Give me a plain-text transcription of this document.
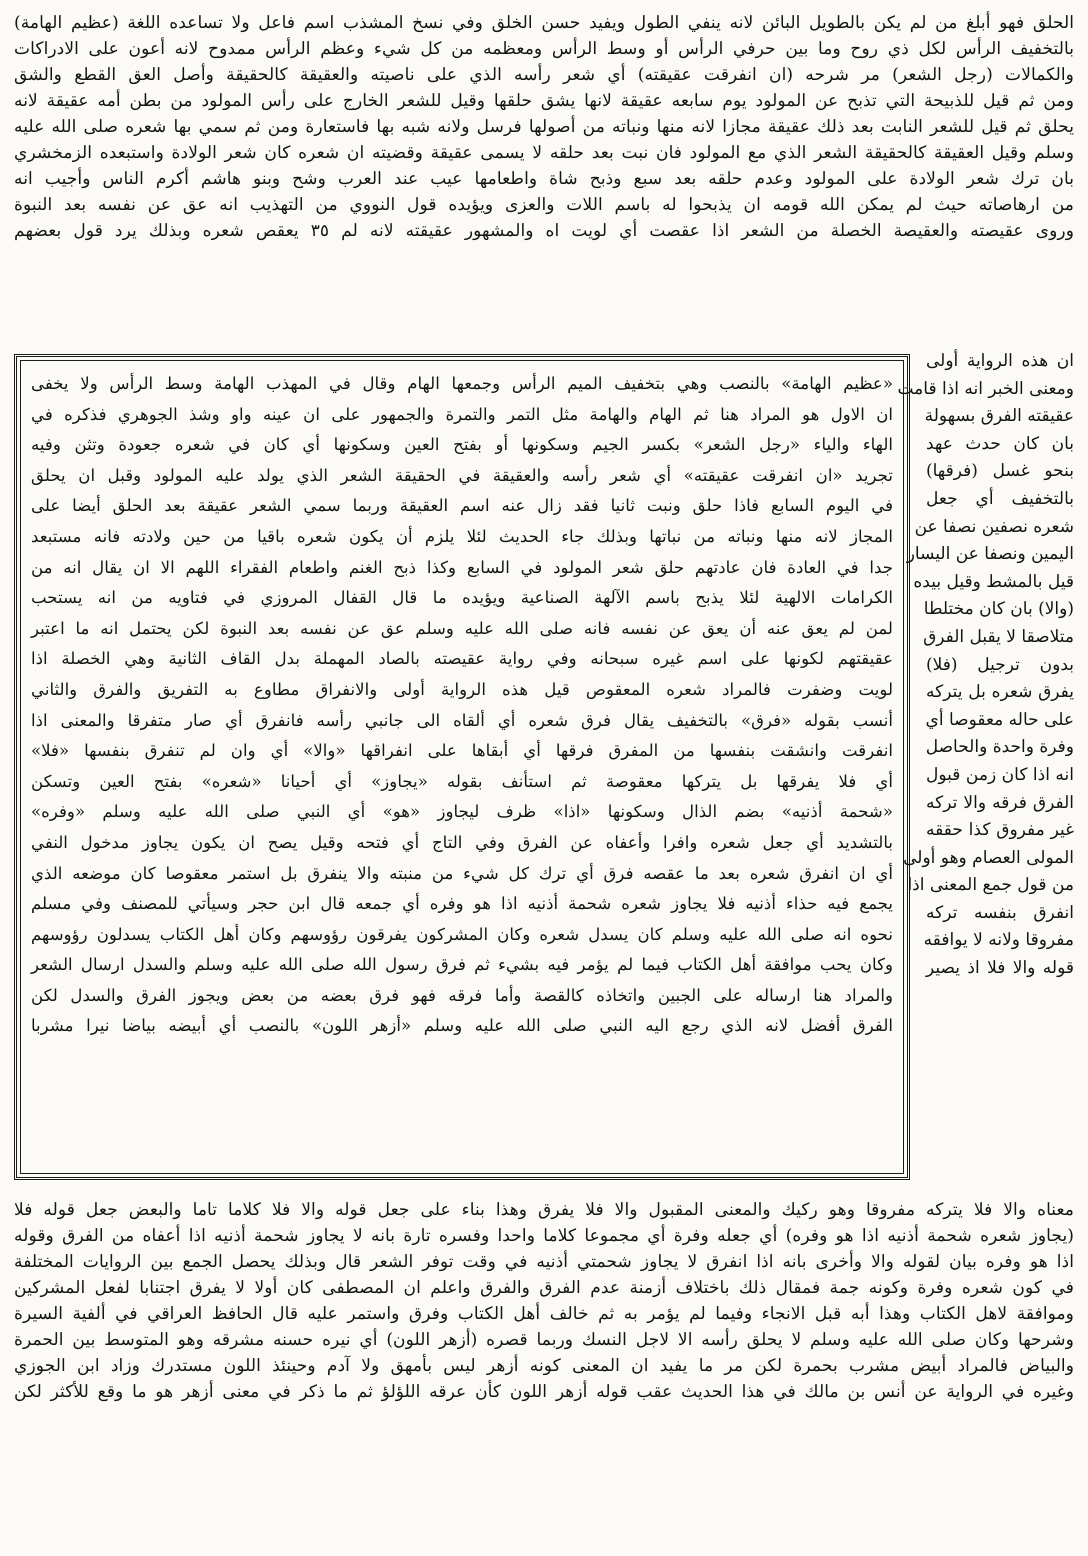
الحلق فهو أبلغ من لم يكن بالطويل البائن لانه ينفي الطول ويفيد حسن الخلق وفي نسخ المشذب اسم فاعل ولا تساعده اللغة (عظيم الهامة)
بالتخفيف الرأس لكل ذي روح وما بين حرفي الرأس أو وسط الرأس ومعظمه من كل شيء وعظم الرأس ممدوح لانه أعون على الادراكات
والكمالات (رجل الشعر) مر شرحه (ان انفرقت عقيقته) أي شعر رأسه الذي على ناصيته والعقيقة كالحقيقة وأصل العق القطع والشق
ومن ثم قيل للذبيحة التي تذبح عن المولود يوم سابعه عقيقة لانها يشق حلقها وقيل للشعر الخارج على رأس المولود من بطن أمه عقيقة لانه
يحلق ثم قيل للشعر النابت بعد ذلك عقيقة مجازا لانه منها ونباته من أصولها فرسل ولانه شبه بها فاستعارة ومن ثم سمي بها شعره صلى الله عليه
وسلم وقيل العقيقة كالحقيقة الشعر الذي مع المولود فان نبت بعد حلقه لا يسمى عقيقة وقضيته ان شعره كان شعر الولادة واستبعده الزمخشري
بان ترك شعر الولادة على المولود وعدم حلقه بعد سبع وذبح شاة واطعامها عيب عند العرب وشح وبنو هاشم أكرم الناس وأجيب انه
من ارهاصاته حيث لم يمكن الله قومه ان يذبحوا له باسم اللات والعزى ويؤيده قول النووي من التهذيب انه عق عن نفسه بعد النبوة
وروى عقيصته والعقيصة الخصلة من الشعر اذا عقصت أي لويت اه والمشهور عقيقته لانه لم ٣٥ يعقص شعره وبذلك يرد قول بعضهم
ان هذه الرواية أولى
ومعنى الخبر انه اذا قامت
عقيقته الفرق بسهولة
بان كان حدث عهد
بنحو غسل (فرقها)
بالتخفيف أي جعل
شعره نصفين نصفا عن
اليمين ونصفا عن اليسار
قيل بالمشط وقيل بيده
(والا) بان كان مختلطا
متلاصقا لا يقبل الفرق
بدون ترجيل (فلا)
يفرق شعره بل يتركه
على حاله معقوصا أي
وفرة واحدة والحاصل
انه اذا كان زمن قبول
الفرق فرقه والا تركه
غير مفروق كذا حققه
المولى العصام وهو أولى
من قول جمع المعنى اذا
انفرق بنفسه تركه
مفروقا ولانه لا يوافقه
قوله والا فلا اذ يصير
«عظيم الهامة» بالنصب وهي بتخفيف الميم الرأس وجمعها الهام وقال في المهذب الهامة وسط الرأس ولا يخفى
ان الاول هو المراد هنا ثم الهام والهامة مثل التمر والتمرة والجمهور على ان عينه واو وشذ الجوهري فذكره في
الهاء والياء «رجل الشعر» بكسر الجيم وسكونها أو بفتح العين وسكونها أي كان في شعره جعودة وتثن وفيه
تجريد «ان انفرقت عقيقته» أي شعر رأسه والعقيقة في الحقيقة الشعر الذي يولد عليه المولود وقبل ان يحلق
في اليوم السابع فاذا حلق ونبت ثانيا فقد زال عنه اسم العقيقة وربما سمي الشعر عقيقة بعد الحلق أيضا على
المجاز لانه منها ونباته من نباتها وبذلك جاء الحديث لئلا يلزم أن يكون شعره باقيا من حين ولادته فانه مستبعد
جدا في العادة فان عادتهم حلق شعر المولود في السابع وكذا ذبح الغنم واطعام الفقراء اللهم الا ان يقال انه من
الكرامات الالهية لئلا يذبح باسم الآلهة الصناعية ويؤيده ما قال القفال المروزي في فتاويه من انه يستحب
لمن لم يعق عنه أن يعق عن نفسه فانه صلى الله عليه وسلم عق عن نفسه بعد النبوة لكن يحتمل انه ما اعتبر
عقيقتهم لكونها على اسم غيره سبحانه وفي رواية عقيصته بالصاد المهملة بدل القاف الثانية وهي الخصلة اذا
لويت وضفرت فالمراد شعره المعقوص قيل هذه الرواية أولى والانفراق مطاوع به التفريق والفرق والثاني
أنسب بقوله «فرق» بالتخفيف يقال فرق شعره أي ألقاه الى جانبي رأسه فانفرق أي صار متفرقا والمعنى اذا
انفرقت وانشقت بنفسها من المفرق فرقها أي أبقاها على انفراقها «والا» أي وان لم تنفرق بنفسها «فلا»
أي فلا يفرقها بل يتركها معقوصة ثم استأنف بقوله «يجاوز» أي أحيانا «شعره» بفتح العين وتسكن
«شحمة أذنيه» بضم الذال وسكونها «اذا» ظرف ليجاوز «هو» أي النبي صلى الله عليه وسلم «وفره»
بالتشديد أي جعل شعره وافرا وأعفاه عن الفرق وفي التاج أي فتحه وقيل يصح ان يكون يجاوز مدخول النفي
أي ان انفرق شعره بعد ما عقصه فرق أي ترك كل شيء من منبته والا ينفرق بل استمر معقوصا كان موضعه الذي
يجمع فيه حذاء أذنيه فلا يجاوز شعره شحمة أذنيه اذا هو وفره أي جمعه قال ابن حجر وسيأتي للمصنف وفي مسلم
نحوه انه صلى الله عليه وسلم كان يسدل شعره وكان المشركون يفرقون رؤوسهم وكان أهل الكتاب يسدلون رؤوسهم
وكان يحب موافقة أهل الكتاب فيما لم يؤمر فيه بشيء ثم فرق رسول الله صلى الله عليه وسلم والسدل ارسال الشعر
والمراد هنا ارساله على الجبين واتخاذه كالقصة وأما فرقه فهو فرق بعضه من بعض ويجوز الفرق والسدل لكن
الفرق أفضل لانه الذي رجع اليه النبي صلى الله عليه وسلم «أزهر اللون» بالنصب أي أبيضه بياضا نيرا مشربا
معناه والا فلا يتركه مفروقا وهو ركيك والمعنى المقبول والا فلا يفرق وهذا بناء على جعل قوله والا فلا كلاما تاما والبعض جعل قوله فلا
(يجاوز شعره شحمة أذنيه اذا هو وفره) أي جعله وفرة أي مجموعا كلاما واحدا وفسره تارة بانه لا يجاوز شحمة أذنيه اذا أعفاه من الفرق وقوله
اذا هو وفره بيان لقوله والا وأخرى بانه اذا انفرق لا يجاوز شحمتي أذنيه في وقت توفر الشعر قال وبذلك يحصل الجمع بين الروايات المختلفة
في كون شعره وفرة وكونه جمة فمقال ذلك باختلاف أزمنة عدم الفرق والفرق واعلم ان المصطفى كان أولا لا يفرق اجتنابا لفعل المشركين
وموافقة لاهل الكتاب وهذا أبه قبل الانجاء وفيما لم يؤمر به ثم خالف أهل الكتاب وفرق واستمر عليه قال الحافظ العراقي في ألفية السيرة
وشرحها وكان صلى الله عليه وسلم لا يحلق رأسه الا لاجل النسك وربما قصره (أزهر اللون) أي نيره حسنه مشرقه وهو المتوسط بين الحمرة
والبياض فالمراد أبيض مشرب بحمرة لكن مر ما يفيد ان المعنى كونه أزهر ليس بأمهق ولا آدم وحينئذ اللون مستدرك وزاد ابن الجوزي
وغيره في الرواية عن أنس بن مالك في هذا الحديث عقب قوله أزهر اللون كأن عرقه اللؤلؤ ثم ما ذكر في معنى أزهر هو ما وقع للأكثر لكن
